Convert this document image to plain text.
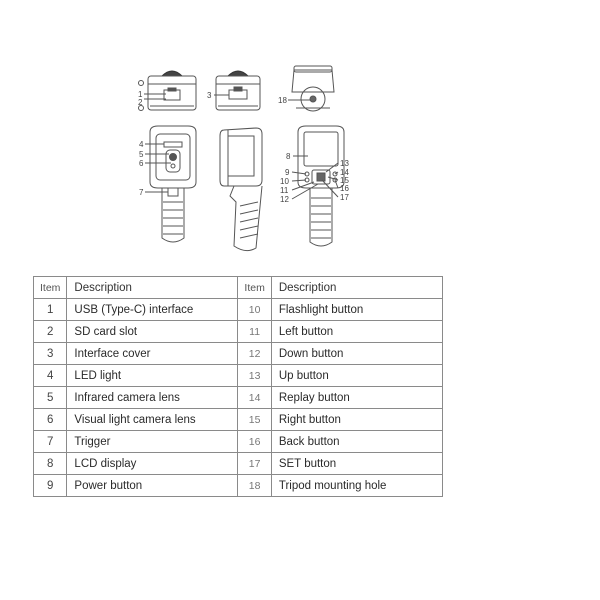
1
2
3
18
4
5
6
7
8
9
10
11
12
13
14
15
16
17
Item	Description	Item	Description
1	USB (Type-C) interface	10	Flashlight button
2	SD card slot	11	Left button
3	Interface cover	12	Down button
4	LED light	13	Up button
5	Infrared camera lens	14	Replay button
6	Visual light camera lens	15	Right button
7	Trigger	16	Back button
8	LCD display	17	SET button
9	Power button	18	Tripod mounting hole
